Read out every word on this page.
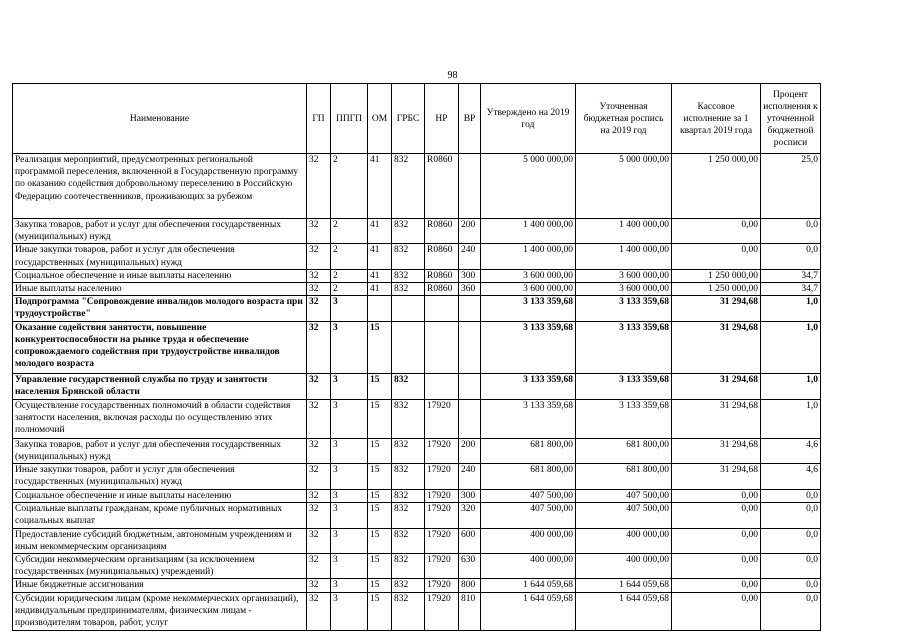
98
Наименование	ГП	ППГП	ОМ	ГРБС	НР	ВР	Утверждено на 2019 год	Уточненная бюджетная роспись на 2019 год	Кассовое исполнение за 1 квартал 2019 года	Процент исполнения к уточненной бюджетной росписи
Реализация мероприятий, предусмотренных региональной программой переселения, включенной в Государственную программу по оказанию содействия добровольному переселению в Российскую Федерацию соотечественников, проживающих за рубежом	32	2	41	832	R0860		5 000 000,00	5 000 000,00	1 250 000,00	25,0
Закупка товаров, работ и услуг для обеспечения государственных (муниципальных) нужд	32	2	41	832	R0860	200	1 400 000,00	1 400 000,00	0,00	0,0
Иные закупки товаров, работ и услуг для обеспечения государственных (муниципальных) нужд	32	2	41	832	R0860	240	1 400 000,00	1 400 000,00	0,00	0,0
Социальное обеспечение и иные выплаты населению	32	2	41	832	R0860	300	3 600 000,00	3 600 000,00	1 250 000,00	34,7
Иные выплаты населению	32	2	41	832	R0860	360	3 600 000,00	3 600 000,00	1 250 000,00	34,7
Подпрограмма "Сопровождение инвалидов молодого возраста при трудоустройстве"	32	3					3 133 359,68	3 133 359,68	31 294,68	1,0
Оказание содействия занятости, повышение конкурентоспособности на рынке труда и обеспечение сопровождаемого содействия при трудоустройстве инвалидов молодого возраста	32	3	15				3 133 359,68	3 133 359,68	31 294,68	1,0
Управление государственной службы по труду и занятости населения Брянской области	32	3	15	832			3 133 359,68	3 133 359,68	31 294,68	1,0
Осуществление государственных полномочий в области содействия занятости населения, включая расходы по осуществлению этих полномочий	32	3	15	832	17920		3 133 359,68	3 133 359,68	31 294,68	1,0
Закупка товаров, работ и услуг для обеспечения государственных (муниципальных) нужд	32	3	15	832	17920	200	681 800,00	681 800,00	31 294,68	4,6
Иные закупки товаров, работ и услуг для обеспечения государственных (муниципальных) нужд	32	3	15	832	17920	240	681 800,00	681 800,00	31 294,68	4,6
Социальное обеспечение и иные выплаты населению	32	3	15	832	17920	300	407 500,00	407 500,00	0,00	0,0
Социальные выплаты гражданам, кроме публичных нормативных социальных выплат	32	3	15	832	17920	320	407 500,00	407 500,00	0,00	0,0
Предоставление субсидий бюджетным, автономным учреждениям и иным некоммерческим организациям	32	3	15	832	17920	600	400 000,00	400 000,00	0,00	0,0
Субсидии некоммерческим организациям (за исключением государственных (муниципальных) учреждений)	32	3	15	832	17920	630	400 000,00	400 000,00	0,00	0,0
Иные бюджетные ассигнования	32	3	15	832	17920	800	1 644 059,68	1 644 059,68	0,00	0,0
Субсидии юридическим лицам (кроме некоммерческих организаций), индивидуальным предпринимателям, физическим лицам - производителям товаров, работ, услуг	32	3	15	832	17920	810	1 644 059,68	1 644 059,68	0,00	0,0
